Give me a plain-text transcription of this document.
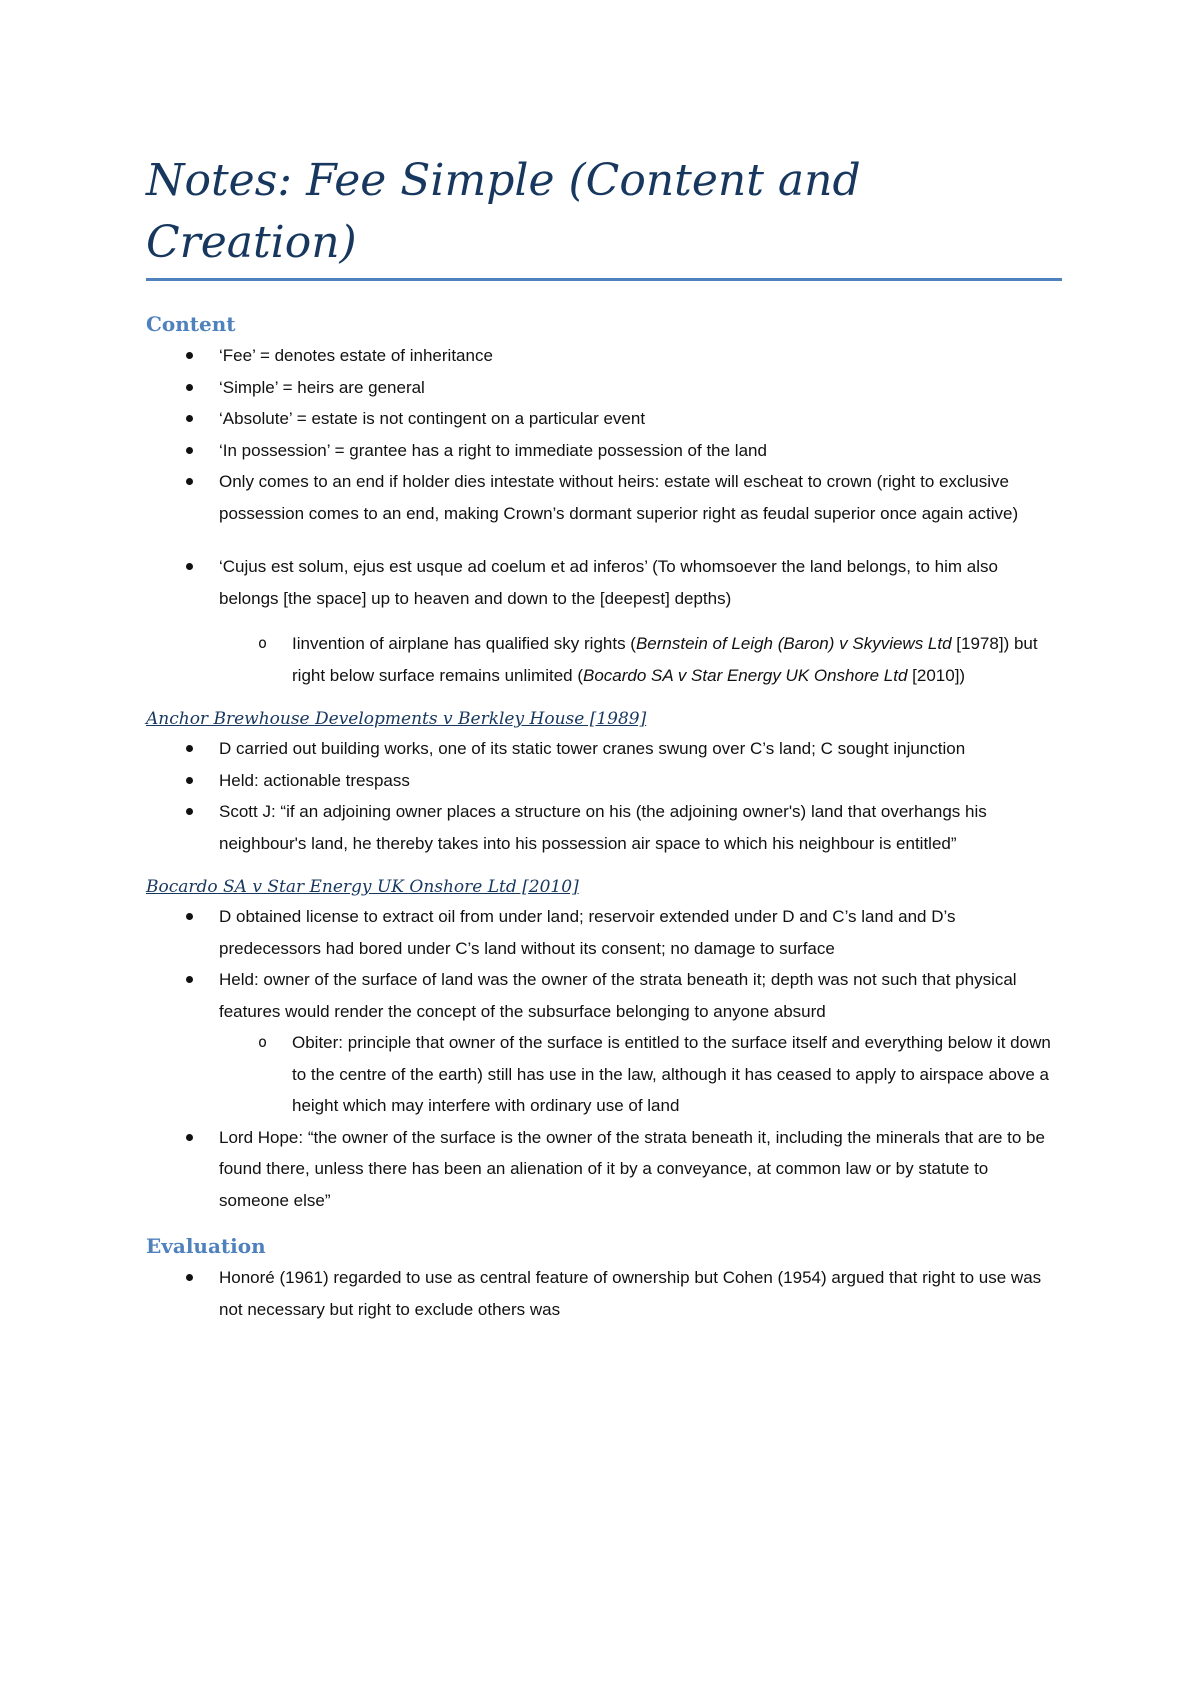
Notes: Fee Simple (Content and Creation)
Content
‘Fee’ = denotes estate of inheritance
‘Simple’ = heirs are general
‘Absolute’ = estate is not contingent on a particular event
‘In possession’ = grantee has a right to immediate possession of the land
Only comes to an end if holder dies intestate without heirs: estate will escheat to crown (right to exclusive possession comes to an end, making Crown’s dormant superior right as feudal superior once again active)
‘Cujus est solum, ejus est usque ad coelum et ad inferos’ (To whomsoever the land belongs, to him also belongs [the space] up to heaven and down to the [deepest] depths)
o Iinvention of airplane has qualified sky rights (Bernstein of Leigh (Baron) v Skyviews Ltd [1978]) but right below surface remains unlimited (Bocardo SA v Star Energy UK Onshore Ltd [2010])

Anchor Brewhouse Developments v Berkley House [1989]

D carried out building works, one of its static tower cranes swung over C’s land; C sought injunction
Held: actionable trespass
Scott J: “if an adjoining owner places a structure on his (the adjoining owner's) land that overhangs his neighbour's land, he thereby takes into his possession air space to which his neighbour is entitled”

Bocardo SA v Star Energy UK Onshore Ltd [2010]

D obtained license to extract oil from under land; reservoir extended under D and C’s land and D’s predecessors had bored under C’s land without its consent; no damage to surface
Held: owner of the surface of land was the owner of the strata beneath it; depth was not such that physical features would render the concept of the subsurface belonging to anyone absurd
o Obiter: principle that owner of the surface is entitled to the surface itself and everything below it down to the centre of the earth) still has use in the law, although it has ceased to apply to airspace above a height which may interfere with ordinary use of land
Lord Hope: “the owner of the surface is the owner of the strata beneath it, including the minerals that are to be found there, unless there has been an alienation of it by a conveyance, at common law or by statute to someone else”
Evaluation
Honoré (1961) regarded to use as central feature of ownership but Cohen (1954) argued that right to use was not necessary but right to exclude others was
